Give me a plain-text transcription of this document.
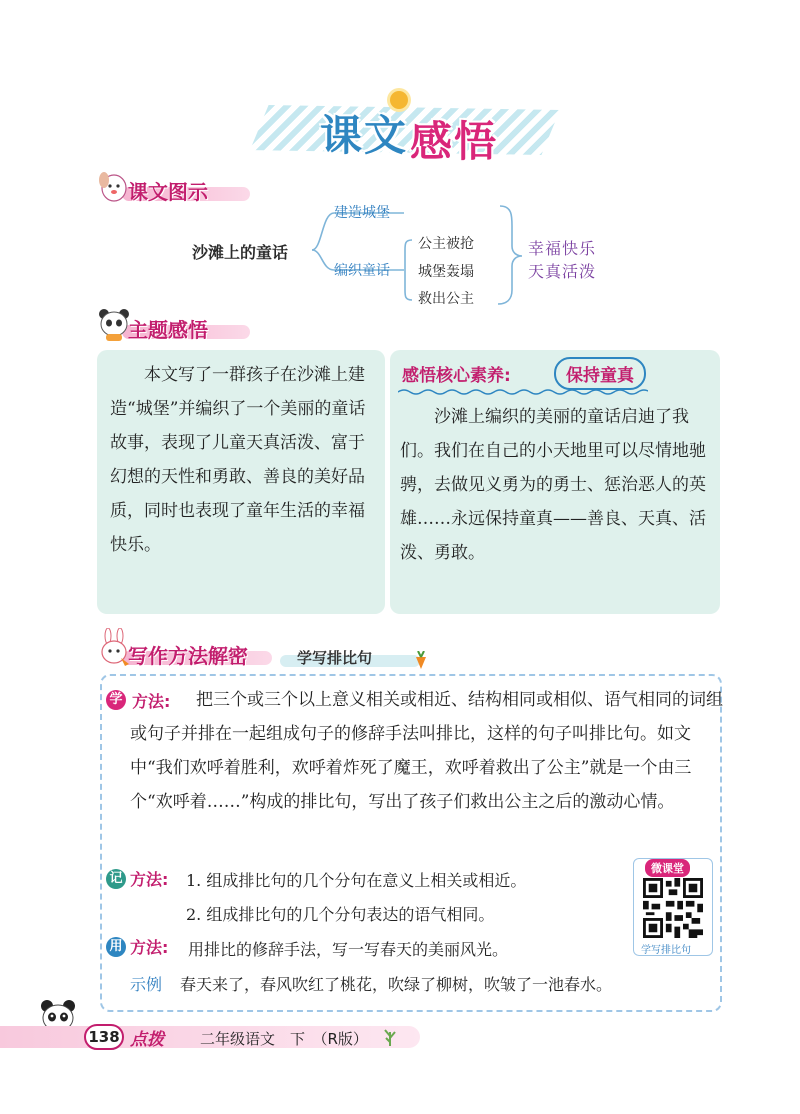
课文 感悟
课文图示
沙滩上的童话
建造城堡
编织童话
公主被抢
城堡轰塌
救出公主
幸福快乐
天真活泼
主题感悟
本文写了一群孩子在沙滩上建造“城堡”并编织了一个美丽的童话故事，表现了儿童天真活泼、富于幻想的天性和勇敢、善良的美好品质，同时也表现了童年生活的幸福快乐。
感悟核心素养:	保持童真
沙滩上编织的美丽的童话启迪了我们。我们在自己的小天地里可以尽情地驰骋，去做见义勇为的勇士、惩治恶人的英雄……永远保持童真——善良、天真、活泼、勇敢。
写作方法解密	学写排比句
学 方法:	把三个或三个以上意义相关或相近、结构相同或相似、语气相同的词组或句子并排在一起组成句子的修辞手法叫排比，这样的句子叫排比句。如文中“我们欢呼着胜利，欢呼着炸死了魔王，欢呼着救出了公主”就是一个由三个“欢呼着……”构成的排比句，写出了孩子们救出公主之后的激动心情。
记 方法: 1. 组成排比句的几个分句在意义上相关或相近。
2. 组成排比句的几个分句表达的语气相同。
用 方法: 用排比的修辞手法，写一写春天的美丽风光。
示例 春天来了，春风吹红了桃花，吹绿了柳树，吹皱了一池春水。
微课堂
学写排比句
138 点拨 二年级语文　下　（R版）
